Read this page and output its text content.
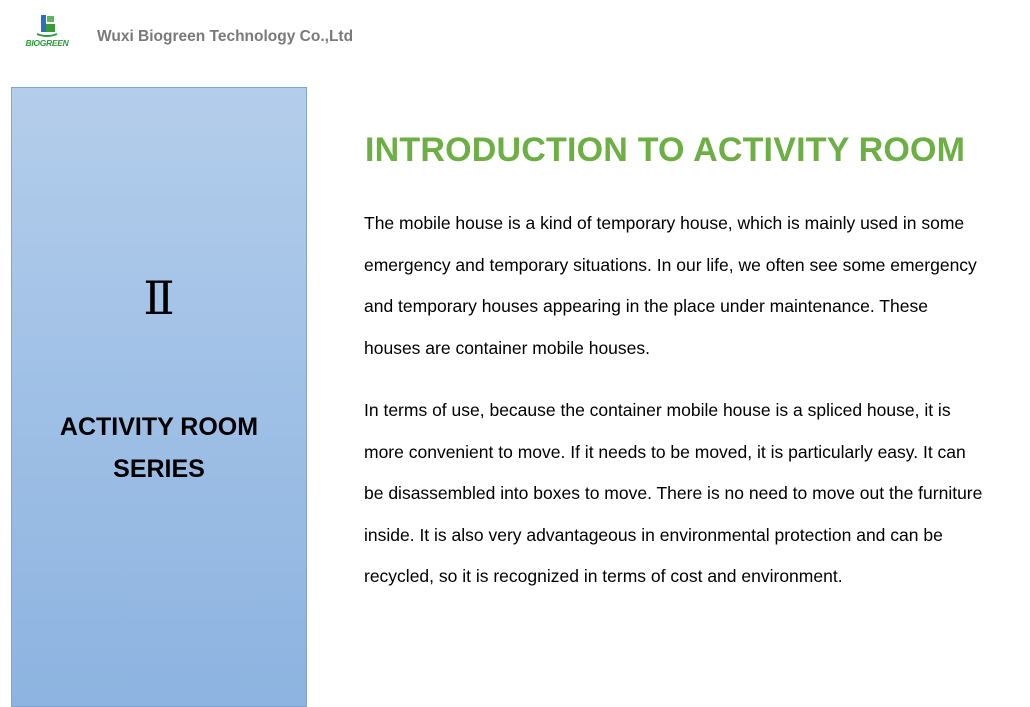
BIOGREEN	Wuxi Biogreen Technology Co.,Ltd
Ⅱ
ACTIVITY ROOM SERIES
INTRODUCTION TO ACTIVITY ROOM
The mobile house is a kind of temporary house, which is mainly used in some emergency and temporary situations. In our life, we often see some emergency and temporary houses appearing in the place under maintenance. These houses are container mobile houses.
In terms of use, because the container mobile house is a spliced house, it is more convenient to move. If it needs to be moved, it is particularly easy. It can be disassembled into boxes to move. There is no need to move out the furniture inside. It is also very advantageous in environmental protection and can be recycled, so it is recognized in terms of cost and environment.
